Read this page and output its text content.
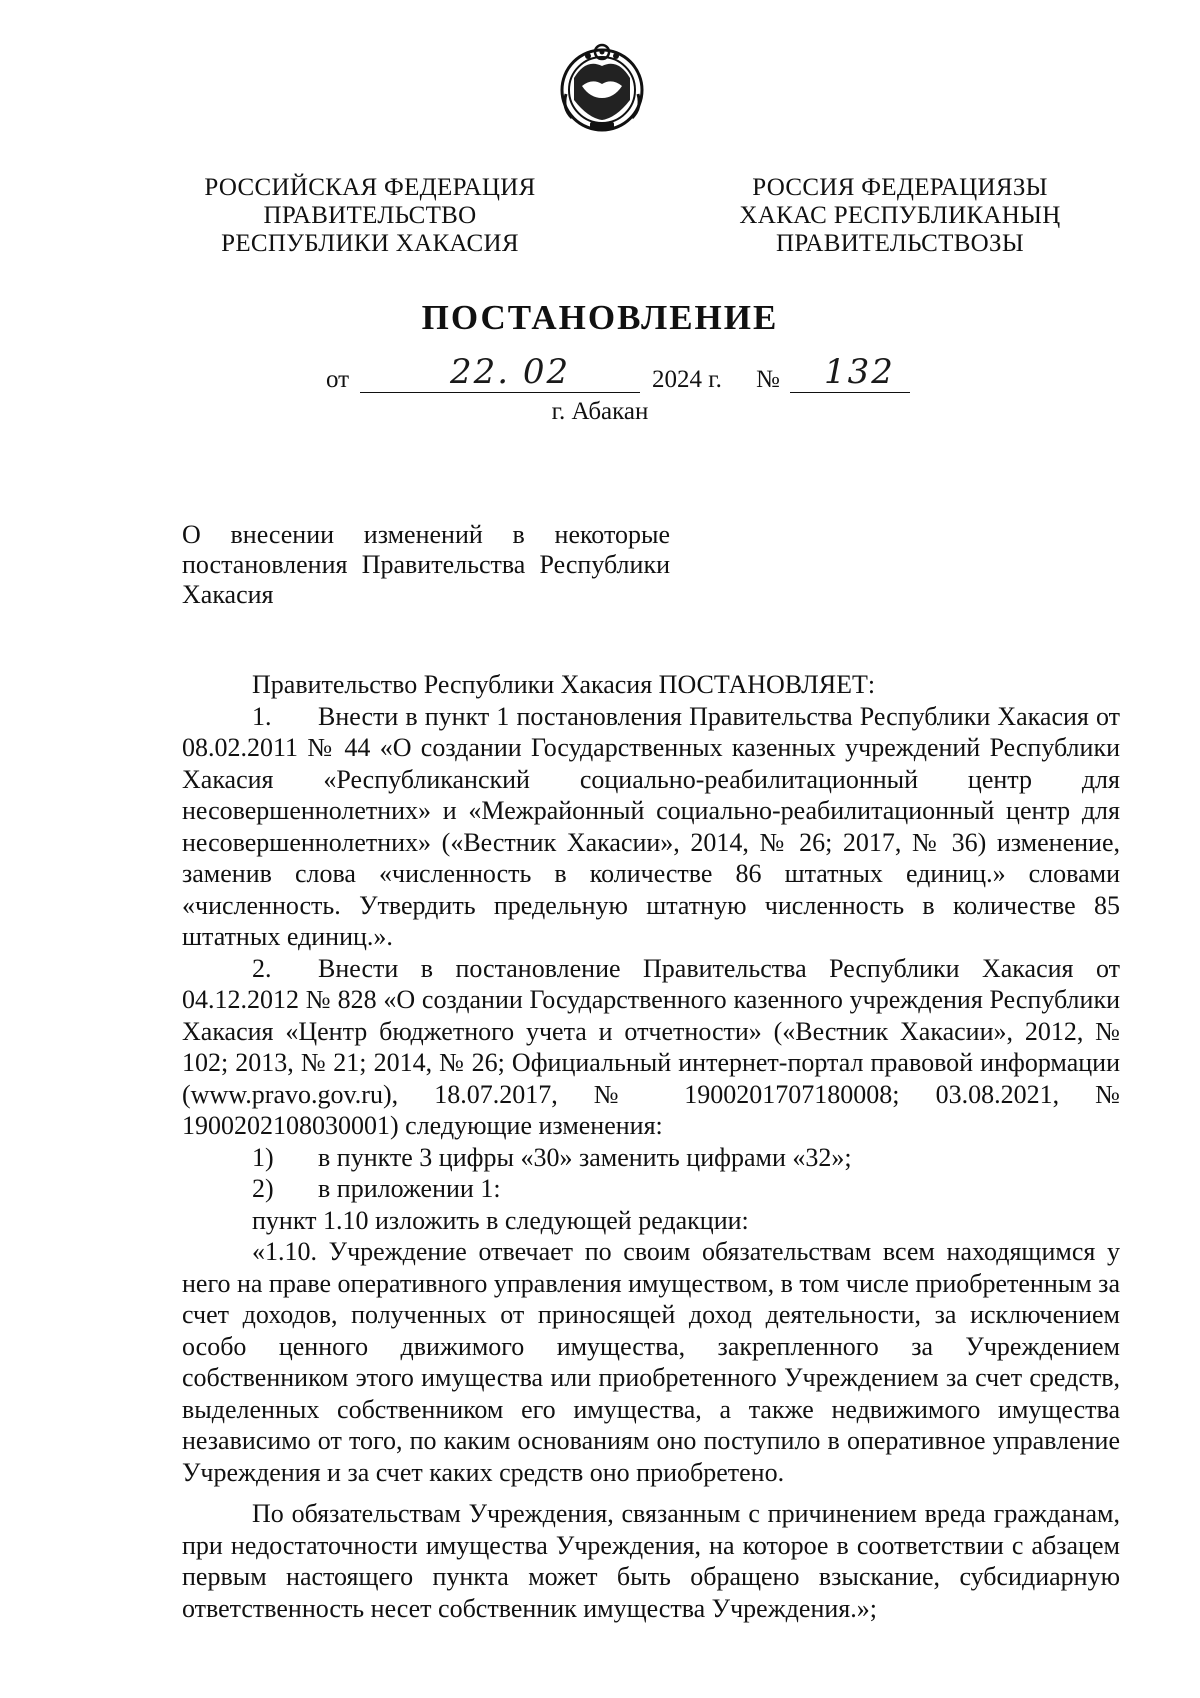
РОССИЙСКАЯ ФЕДЕРАЦИЯ
ПРАВИТЕЛЬСТВО
РЕСПУБЛИКИ ХАКАСИЯ
РОССИЯ ФЕДЕРАЦИЯЗЫ
ХАКАС РЕСПУБЛИКАНЫҢ
ПРАВИТЕЛЬСТВОЗЫ
ПОСТАНОВЛЕНИЕ
от	22. 02	2024 г. № 132
г. Абакан
О внесении изменений в некоторые постановления Правительства Республики Хакасия

Правительство Республики Хакасия ПОСТАНОВЛЯЕТ:

1. Внести в пункт 1 постановления Правительства Республики Хакасия от 08.02.2011 № 44 «О создании Государственных казенных учреждений Республики Хакасия «Республиканский социально-реабилитационный центр для несовершеннолетних» и «Межрайонный социально-реабилитационный центр для несовершеннолетних» («Вестник Хакасии», 2014, № 26; 2017, № 36) изменение, заменив слова «численность в количестве 86 штатных единиц.» словами «численность. Утвердить предельную штатную численность в количестве 85 штатных единиц.».

2. Внести в постановление Правительства Республики Хакасия от 04.12.2012 № 828 «О создании Государственного казенного учреждения Республики Хакасия «Центр бюджетного учета и отчетности» («Вестник Хакасии», 2012, № 102; 2013, № 21; 2014, № 26; Официальный интернет-портал правовой информации (www.pravo.gov.ru), 18.07.2017, № 1900201707180008; 03.08.2021, № 1900202108030001) следующие изменения:

1) в пункте 3 цифры «30» заменить цифрами «32»;

2) в приложении 1:

пункт 1.10 изложить в следующей редакции:

«1.10. Учреждение отвечает по своим обязательствам всем находящимся у него на праве оперативного управления имуществом, в том числе приобретенным за счет доходов, полученных от приносящей доход деятельности, за исключением особо ценного движимого имущества, закрепленного за Учреждением собственником этого имущества или приобретенного Учреждением за счет средств, выделенных собственником его имущества, а также недвижимого имущества независимо от того, по каким основаниям оно поступило в оперативное управление Учреждения и за счет каких средств оно приобретено.

По обязательствам Учреждения, связанным с причинением вреда гражданам, при недостаточности имущества Учреждения, на которое в соответствии с абзацем первым настоящего пункта может быть обращено взыскание, субсидиарную ответственность несет собственник имущества Учреждения.»;
